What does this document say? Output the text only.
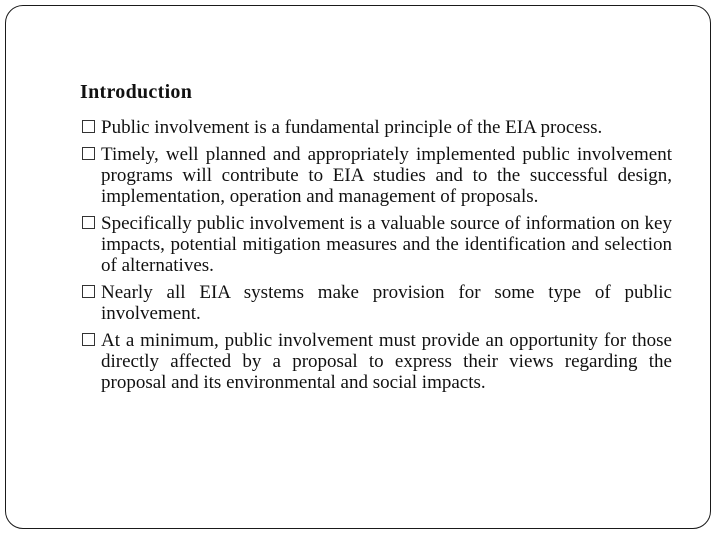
Introduction
Public involvement is a fundamental principle of the EIA process.
Timely, well planned and appropriately implemented public involvement programs will contribute to EIA studies and to the successful design, implementation, operation and management of proposals.
Specifically public involvement is a valuable source of information on key impacts, potential mitigation measures and the identification and selection of alternatives.
Nearly all EIA systems make provision for some type of public involvement.
At a minimum, public involvement must provide an opportunity for those directly affected by a proposal to express their views regarding the proposal and its environmental and social impacts.
